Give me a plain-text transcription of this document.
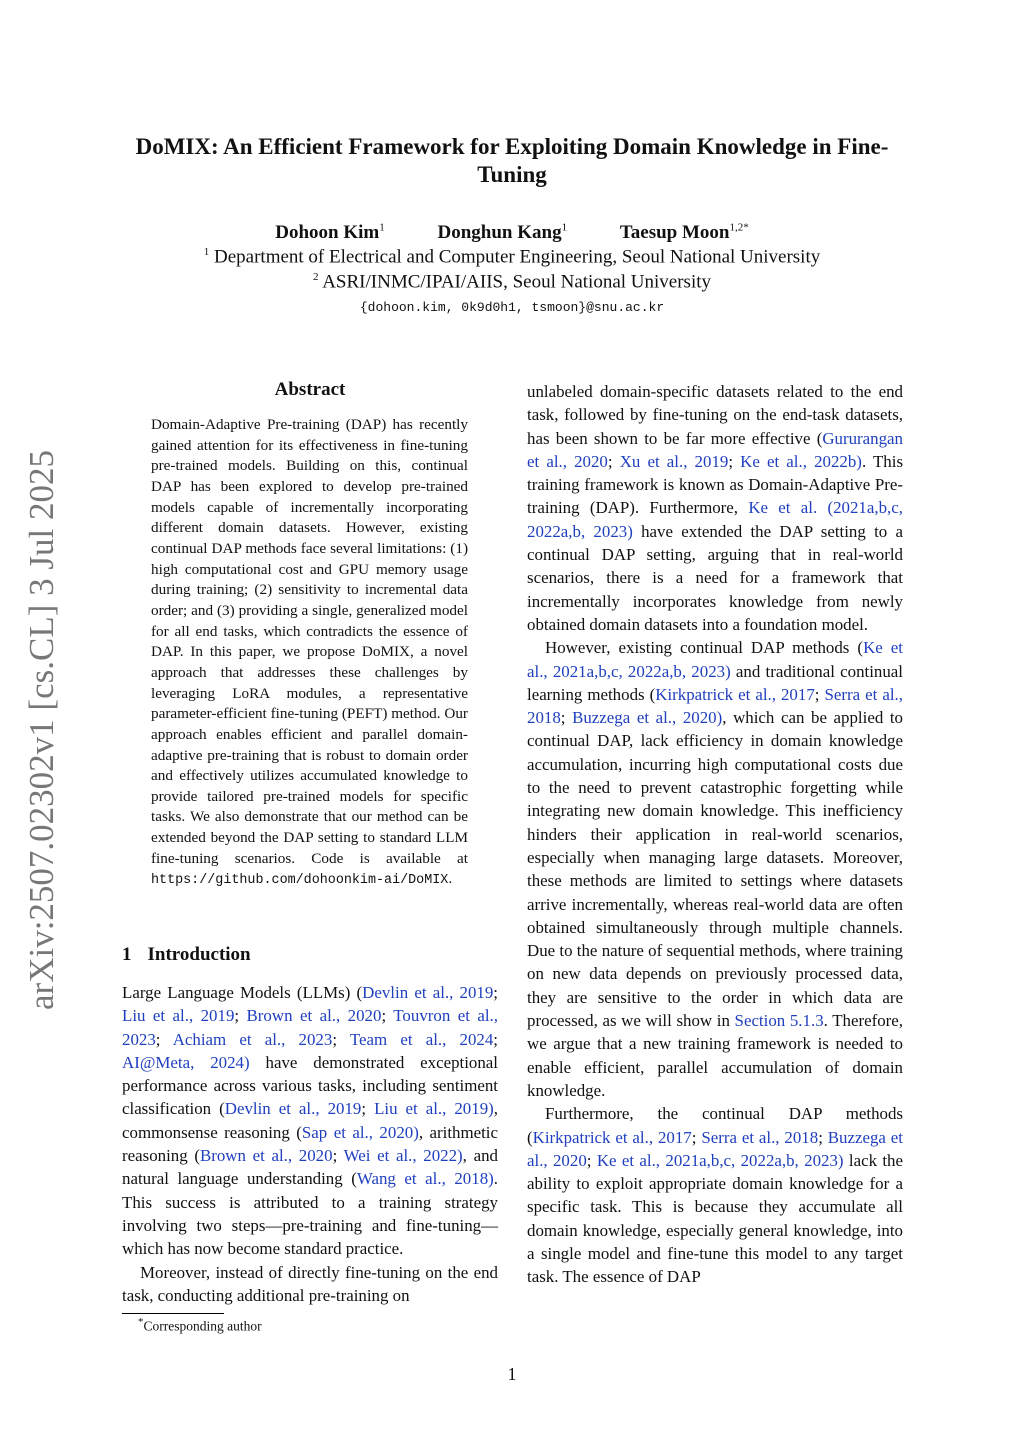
DoMIX: An Efficient Framework for Exploiting Domain Knowledge in Fine-Tuning
Dohoon Kim$^1$	Donghun Kang$^1$	Taesup Moon$^{1,2*}$
$^1$ Department of Electrical and Computer Engineering, Seoul National University
$^2$ ASRI/INMC/IPAI/AIIS, Seoul National University
{dohoon.kim, 0k9d0h1, tsmoon}@snu.ac.kr
arXiv:2507.02302v1 [cs.CL] 3 Jul 2025
Abstract
Domain-Adaptive Pre-training (DAP) has recently gained attention for its effectiveness in fine-tuning pre-trained models. Building on this, continual DAP has been explored to develop pre-trained models capable of incrementally incorporating different domain datasets. However, existing continual DAP methods face several limitations: (1) high computational cost and GPU memory usage during training; (2) sensitivity to incremental data order; and (3) providing a single, generalized model for all end tasks, which contradicts the essence of DAP. In this paper, we propose DoMIX, a novel approach that addresses these challenges by leveraging LoRA modules, a representative parameter-efficient fine-tuning (PEFT) method. Our approach enables efficient and parallel domain-adaptive pre-training that is robust to domain order and effectively utilizes accumulated knowledge to provide tailored pre-trained models for specific tasks. We also demonstrate that our method can be extended beyond the DAP setting to standard LLM fine-tuning scenarios. Code is available at https://github.com/dohoonkim-ai/DoMIX.
1 Introduction

Large Language Models (LLMs) (Devlin et al., 2019; Liu et al., 2019; Brown et al., 2020; Touvron et al., 2023; Achiam et al., 2023; Team et al., 2024; AI@Meta, 2024) have demonstrated exceptional performance across various tasks, including sentiment classification (Devlin et al., 2019; Liu et al., 2019), commonsense reasoning (Sap et al., 2020), arithmetic reasoning (Brown et al., 2020; Wei et al., 2022), and natural language understanding (Wang et al., 2018). This success is attributed to a training strategy involving two steps—pre-training and fine-tuning—which has now become standard practice.

Moreover, instead of directly fine-tuning on the end task, conducting additional pre-training on

unlabeled domain-specific datasets related to the end task, followed by fine-tuning on the end-task datasets, has been shown to be far more effective (Gururangan et al., 2020; Xu et al., 2019; Ke et al., 2022b). This training framework is known as Domain-Adaptive Pre-training (DAP). Furthermore, Ke et al. (2021a,b,c, 2022a,b, 2023) have extended the DAP setting to a continual DAP setting, arguing that in real-world scenarios, there is a need for a framework that incrementally incorporates knowledge from newly obtained domain datasets into a foundation model.

However, existing continual DAP methods (Ke et al., 2021a,b,c, 2022a,b, 2023) and traditional continual learning methods (Kirkpatrick et al., 2017; Serra et al., 2018; Buzzega et al., 2020), which can be applied to continual DAP, lack efficiency in domain knowledge accumulation, incurring high computational costs due to the need to prevent catastrophic forgetting while integrating new domain knowledge. This inefficiency hinders their application in real-world scenarios, especially when managing large datasets. Moreover, these methods are limited to settings where datasets arrive incrementally, whereas real-world data are often obtained simultaneously through multiple channels. Due to the nature of sequential methods, where training on new data depends on previously processed data, they are sensitive to the order in which data are processed, as we will show in Section 5.1.3. Therefore, we argue that a new training framework is needed to enable efficient, parallel accumulation of domain knowledge.

Furthermore, the continual DAP methods (Kirkpatrick et al., 2017; Serra et al., 2018; Buzzega et al., 2020; Ke et al., 2021a,b,c, 2022a,b, 2023) lack the ability to exploit appropriate domain knowledge for a specific task. This is because they accumulate all domain knowledge, especially general knowledge, into a single model and fine-tune this model to any target task. The essence of DAP

*Corresponding author
1
